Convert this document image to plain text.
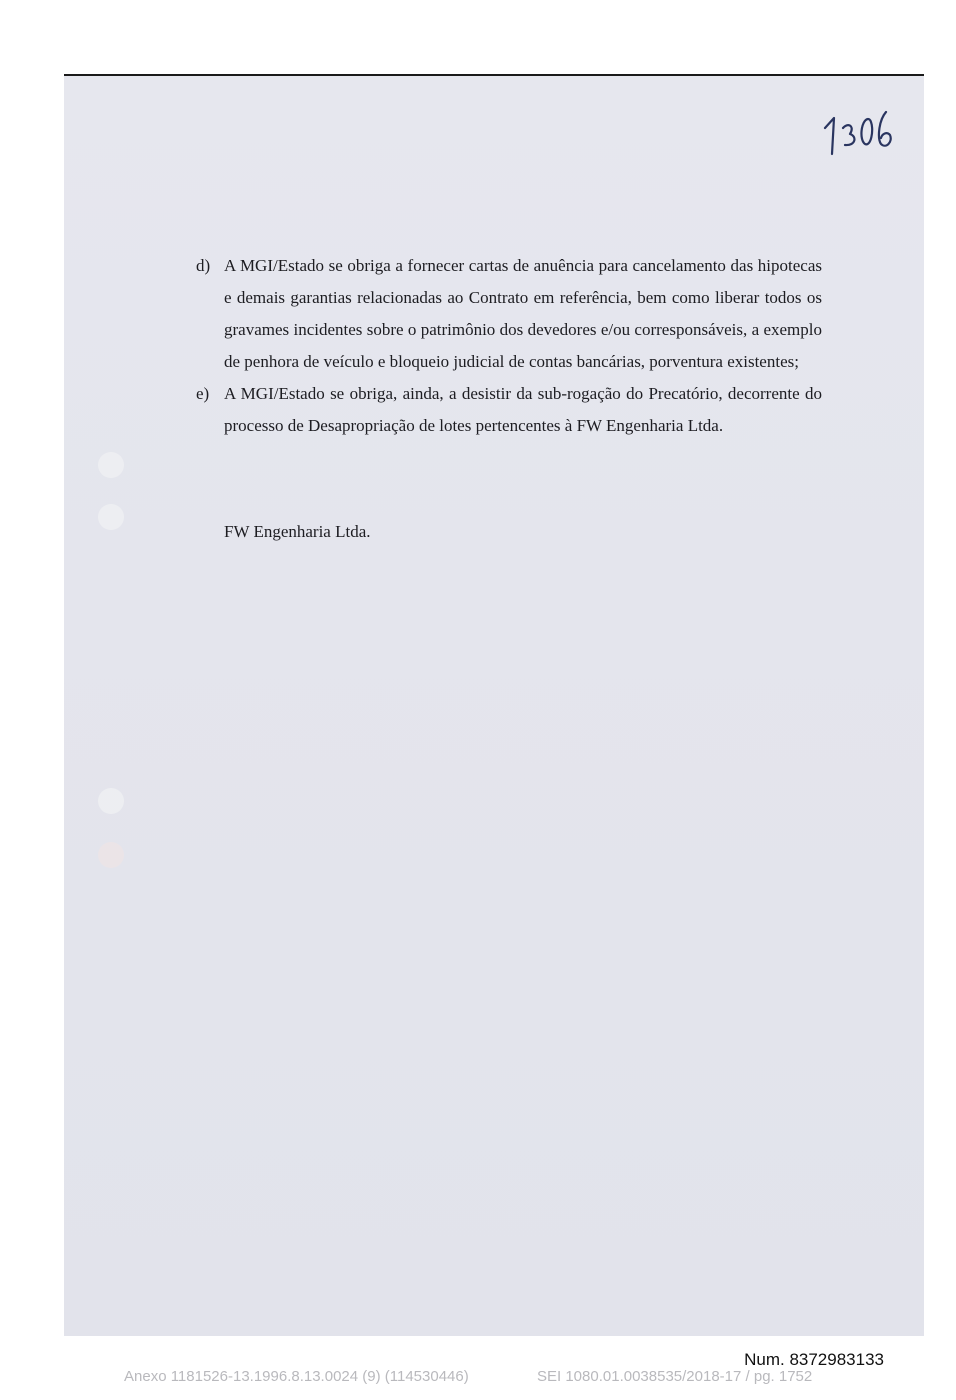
d) A MGI/Estado se obriga a fornecer cartas de anuência para cancelamento das hipotecas e demais garantias relacionadas ao Contrato em referência, bem como liberar todos os gravames incidentes sobre o patrimônio dos devedores e/ou corresponsáveis, a exemplo de penhora de veículo e bloqueio judicial de contas bancárias, porventura existentes;
e) A MGI/Estado se obriga, ainda, a desistir da sub-rogação do Precatório, decorrente do processo de Desapropriação de lotes pertencentes à FW Engenharia Ltda.

FW Engenharia Ltda.

Num. 8372983133
Anexo 1181526-13.1996.8.13.0024 (9) (114530446)	SEI 1080.01.0038535/2018-17 / pg. 1752
